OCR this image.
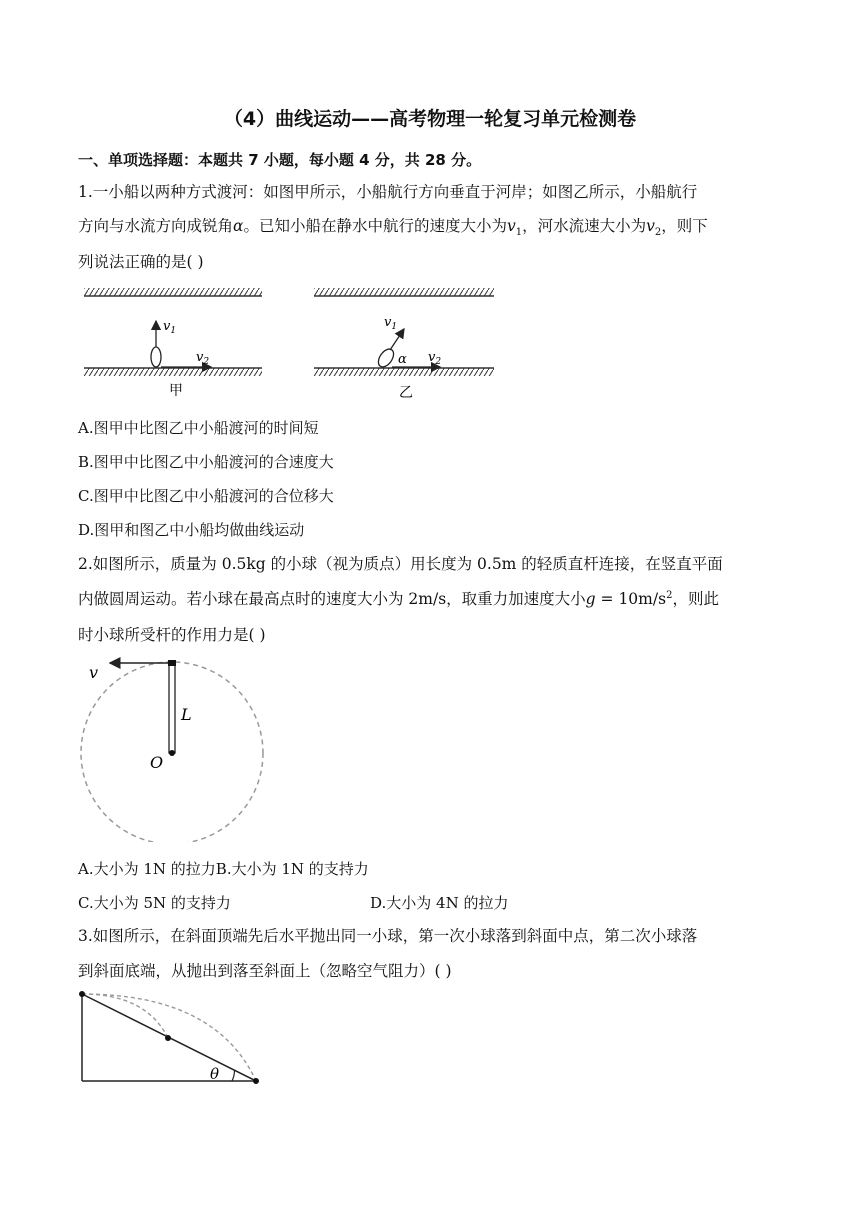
（4）曲线运动——高考物理一轮复习单元检测卷
一、单项选择题：本题共 7 小题，每小题 4 分，共 28 分。
1.一小船以两种方式渡河：如图甲所示，小船航行方向垂直于河岸；如图乙所示，小船航行
方向与水流方向成锐角α。已知小船在静水中航行的速度大小为$v_1$，河水流速大小为$v_2$，则下
列说法正确的是( )
$v_1$
$v_2$
甲
$v_1$
α $v_2$
乙
A.图甲中比图乙中小船渡河的时间短
B.图甲中比图乙中小船渡河的合速度大
C.图甲中比图乙中小船渡河的合位移大
D.图甲和图乙中小船均做曲线运动
2.如图所示，质量为 0.5kg 的小球（视为质点）用长度为 0.5m 的轻质直杆连接，在竖直平面
内做圆周运动。若小球在最高点时的速度大小为 2m/s，取重力加速度大小$g = 10m/s^2$，则此
时小球所受杆的作用力是( )
v
L
O
A.大小为 1N 的拉力B.大小为 1N 的支持力
C.大小为 5N 的支持力	D.大小为 4N 的拉力
3.如图所示，在斜面顶端先后水平抛出同一小球，第一次小球落到斜面中点，第二次小球落
到斜面底端，从抛出到落至斜面上（忽略空气阻力）( )
θ
